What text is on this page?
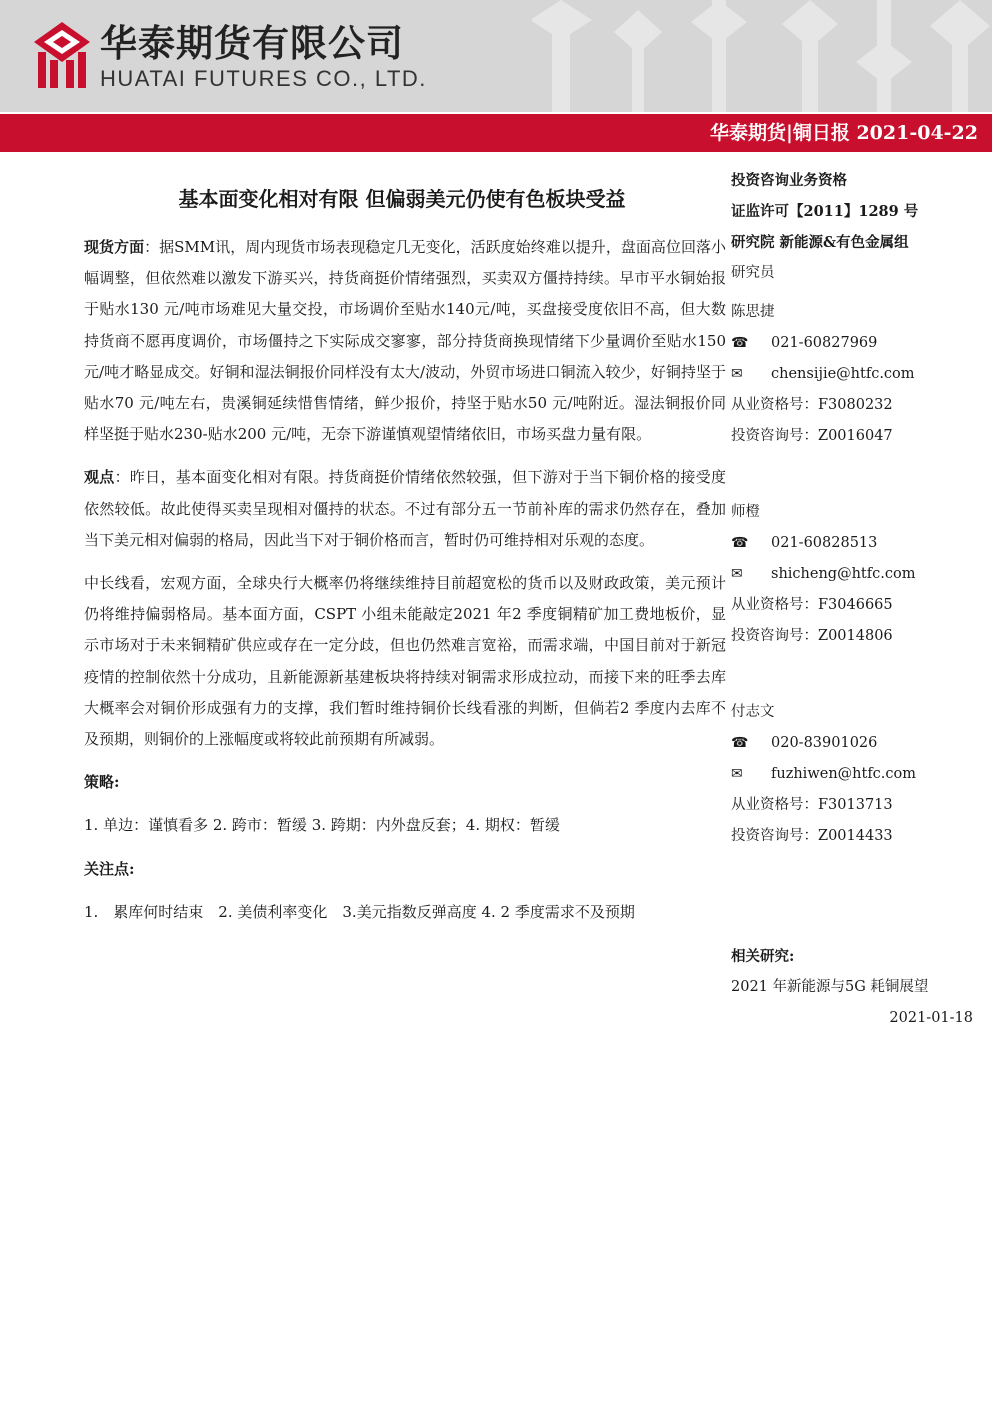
华泰期货有限公司
HUATAI FUTURES CO., LTD.
华泰期货|铜日报 2021-04-22
基本面变化相对有限 但偏弱美元仍使有色板块受益

现货方面：据SMM讯，周内现货市场表现稳定几无变化，活跃度始终难以提升，盘面高位回落小幅调整，但依然难以激发下游买兴，持货商挺价情绪强烈，买卖双方僵持持续。早市平水铜始报于贴水130 元/吨市场难见大量交投，市场调价至贴水140元/吨，买盘接受度依旧不高，但大数持货商不愿再度调价，市场僵持之下实际成交寥寥，部分持货商换现情绪下少量调价至贴水150 元/吨才略显成交。好铜和湿法铜报价同样没有太大/波动，外贸市场进口铜流入较少，好铜持坚于贴水70 元/吨左右，贵溪铜延续惜售情绪，鲜少报价，持坚于贴水50 元/吨附近。湿法铜报价同样坚挺于贴水230-贴水200 元/吨，无奈下游谨慎观望情绪依旧，市场买盘力量有限。

观点：昨日，基本面变化相对有限。持货商挺价情绪依然较强，但下游对于当下铜价格的接受度依然较低。故此使得买卖呈现相对僵持的状态。不过有部分五一节前补库的需求仍然存在，叠加当下美元相对偏弱的格局，因此当下对于铜价格而言，暂时仍可维持相对乐观的态度。

中长线看，宏观方面，全球央行大概率仍将继续维持目前超宽松的货币以及财政政策，美元预计仍将维持偏弱格局。基本面方面，CSPT 小组未能敲定2021 年2 季度铜精矿加工费地板价，显示市场对于未来铜精矿供应或存在一定分歧，但也仍然难言宽裕，而需求端，中国目前对于新冠疫情的控制依然十分成功，且新能源新基建板块将持续对铜需求形成拉动，而接下来的旺季去库大概率会对铜价形成强有力的支撑，我们暂时维持铜价长线看涨的判断，但倘若2 季度内去库不及预期，则铜价的上涨幅度或将较此前预期有所减弱。

策略:

1. 单边：谨慎看多 2. 跨市：暂缓 3. 跨期：内外盘反套；4. 期权：暂缓

关注点:

1.　累库何时结束　2. 美债利率变化　3.美元指数反弹高度 4. 2 季度需求不及预期

投资咨询业务资格
证监许可【2011】1289 号
研究院 新能源&有色金属组
研究员
陈思捷
☎ 021-60827969
✉ chensijie@htfc.com
从业资格号：F3080232
投资咨询号：Z0016047
师橙
☎ 021-60828513
✉ shicheng@htfc.com
从业资格号：F3046665
投资咨询号：Z0014806
付志文
☎ 020-83901026
✉ fuzhiwen@htfc.com
从业资格号：F3013713
投资咨询号：Z0014433
相关研究:
2021 年新能源与5G 耗铜展望
2021-01-18
